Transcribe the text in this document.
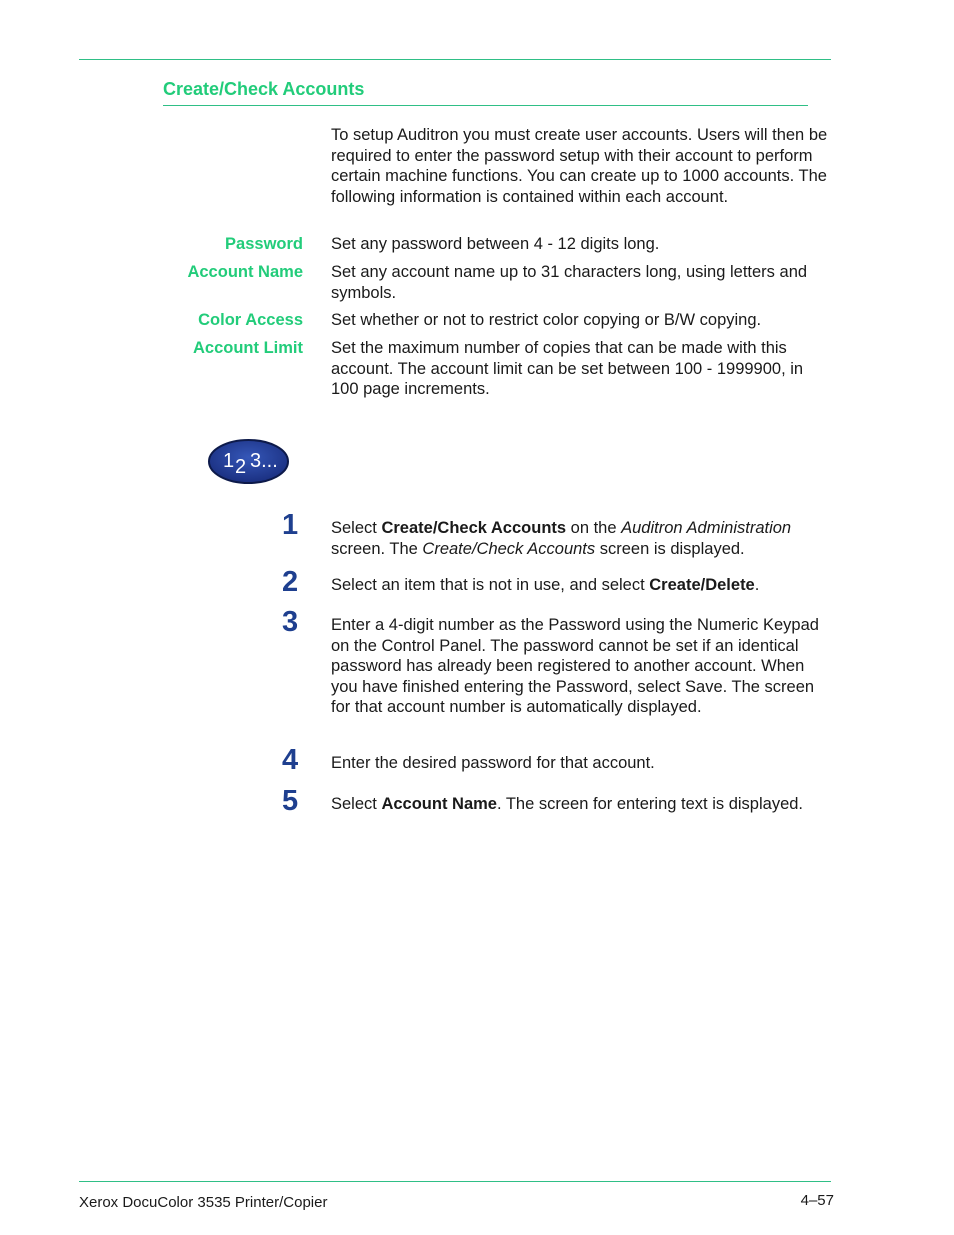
Create/Check Accounts

To setup Auditron you must create user accounts. Users will then be required to enter the password setup with their account to perform certain machine functions. You can create up to 1000 accounts. The following information is contained within each account.

Password Set any password between 4 - 12 digits long.

Account Name Set any account name up to 31 characters long, using letters and symbols.

Color Access Set whether or not to restrict color copying or B/W copying.

Account Limit Set the maximum number of copies that can be made with this account. The account limit can be set between 100 - 1999900, in 100 page increments.

1 2 3...
1	Select Create/Check Accounts on the Auditron Administration screen. The Create/Check Accounts screen is displayed.

2	Select an item that is not in use, and select Create/Delete.

3	Enter a 4-digit number as the Password using the Numeric Keypad on the Control Panel. The password cannot be set if an identical password has already been registered to another account. When you have finished entering the Password, select Save. The screen for that account number is automatically displayed.

4	Enter the desired password for that account.

5	Select Account Name. The screen for entering text is displayed.

Xerox DocuColor 3535 Printer/Copier	4–57
